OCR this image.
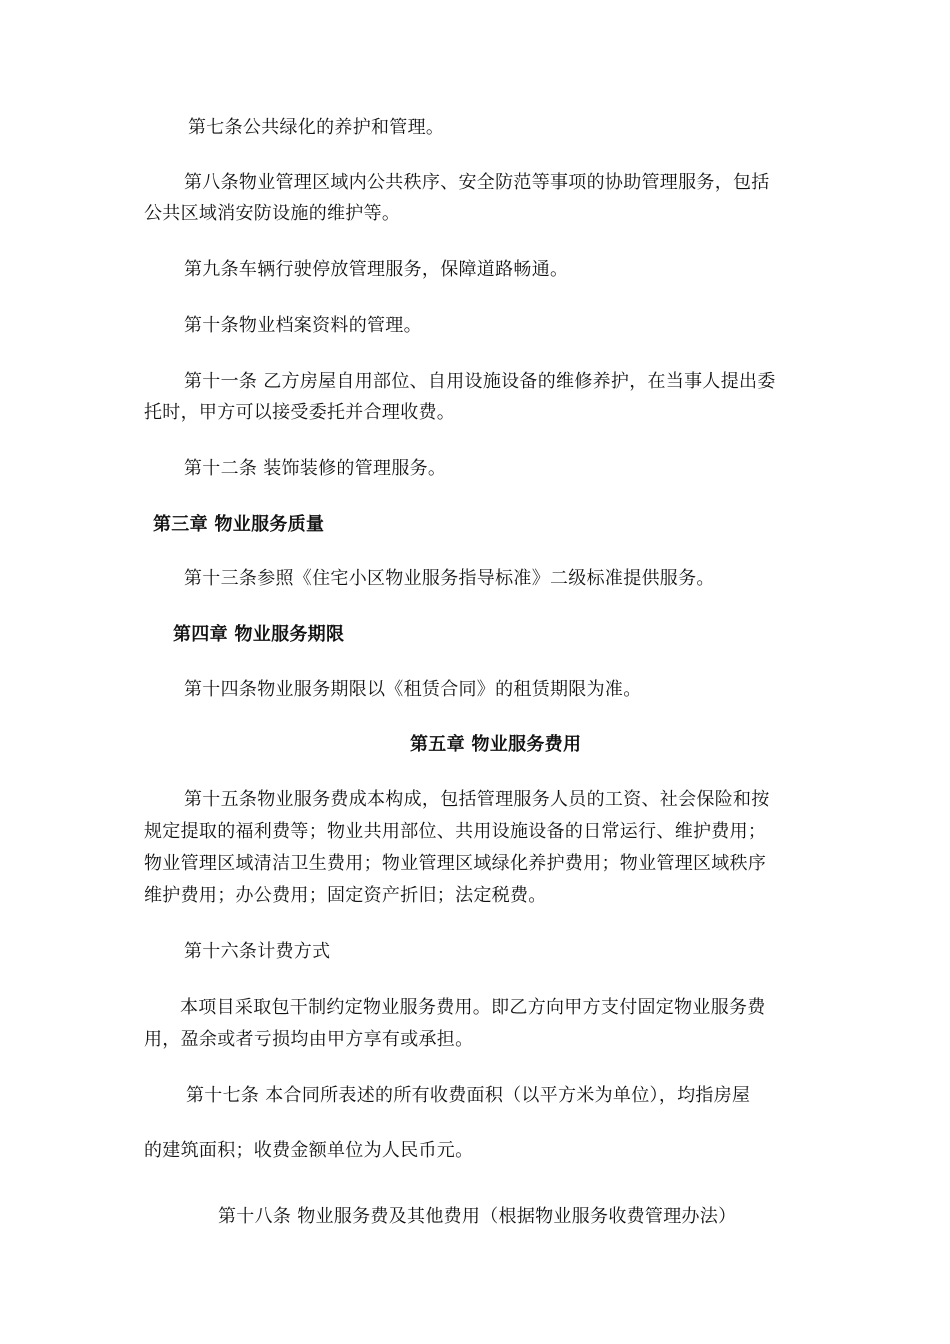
第七条公共绿化的养护和管理。
第八条物业管理区域内公共秩序、安全防范等事项的协助管理服务，包括
公共区域消安防设施的维护等。
第九条车辆行驶停放管理服务，保障道路畅通。
第十条物业档案资料的管理。
第十一条 乙方房屋自用部位、自用设施设备的维修养护，在当事人提出委
托时，甲方可以接受委托并合理收费。
第十二条 装饰装修的管理服务。
第三章 物业服务质量
第十三条参照《住宅小区物业服务指导标准》二级标准提供服务。
第四章 物业服务期限
第十四条物业服务期限以《租赁合同》的租赁期限为准。
第五章 物业服务费用
第十五条物业服务费成本构成，包括管理服务人员的工资、社会保险和按
规定提取的福利费等；物业共用部位、共用设施设备的日常运行、维护费用；
物业管理区域清洁卫生费用；物业管理区域绿化养护费用；物业管理区域秩序
维护费用；办公费用；固定资产折旧；法定税费。
第十六条计费方式
本项目采取包干制约定物业服务费用。即乙方向甲方支付固定物业服务费
用，盈余或者亏损均由甲方享有或承担。
第十七条 本合同所表述的所有收费面积（以平方米为单位），均指房屋
的建筑面积；收费金额单位为人民币元。
第十八条 物业服务费及其他费用（根据物业服务收费管理办法）
